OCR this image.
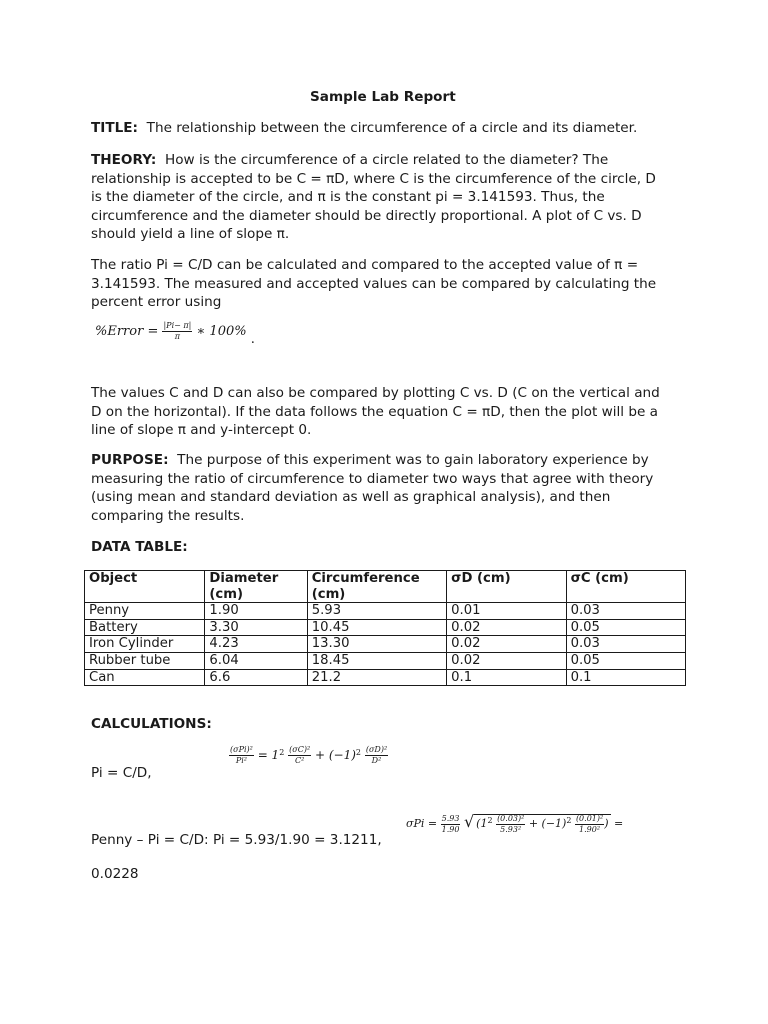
Sample Lab Report

TITLE: The relationship between the circumference of a circle and its diameter.

THEORY: How is the circumference of a circle related to the diameter? The
relationship is accepted to be C = πD, where C is the circumference of the circle, D
is the diameter of the circle, and π is the constant pi = 3.141593. Thus, the
circumference and the diameter should be directly proportional. A plot of C vs. D
should yield a line of slope π.
The ratio Pi = C/D can be calculated and compared to the accepted value of π =
3.141593. The measured and accepted values can be compared by calculating the
percent error using
%Error = $\frac{|Pi- \pi|}{\pi}$ ∗ 100% .
The values C and D can also be compared by plotting C vs. D (C on the vertical and
D on the horizontal). If the data follows the equation C = πD, then the plot will be a
line of slope π and y-intercept 0.
PURPOSE: The purpose of this experiment was to gain laboratory experience by
measuring the ratio of circumference to diameter two ways that agree with theory
(using mean and standard deviation as well as graphical analysis), and then
comparing the results.
DATA TABLE:
Object	Diameter (cm)	Circumference (cm)	σD (cm)	σC (cm)
Penny	1.90	5.93	0.01	0.03
Battery	3.30	10.45	0.02	0.05
Iron Cylinder	4.23	13.30	0.02	0.03
Rubber tube	6.04	18.45	0.02	0.05
Can	6.6	21.2	0.1	0.1
CALCULATIONS:
$\frac{\text{(σPi)²}}{\text{Pi²}} = 1^2 \frac{\text{(σC)²}}{\text{C²}} + (-1)^2 \frac{\text{(σD)²}}{\text{D²}}$
Pi = C/D,
$\sigma Pi = \frac{5.93}{1.90}$ √ ($1^2 \frac{\text{(0.03)²}}{\text{5.93²}} + (-1)^2 \frac{\text{(0.01)²}}{\text{1.90²}}$ ) =
Penny – Pi = C/D: Pi = 5.93/1.90 = 3.1211,
0.0228
